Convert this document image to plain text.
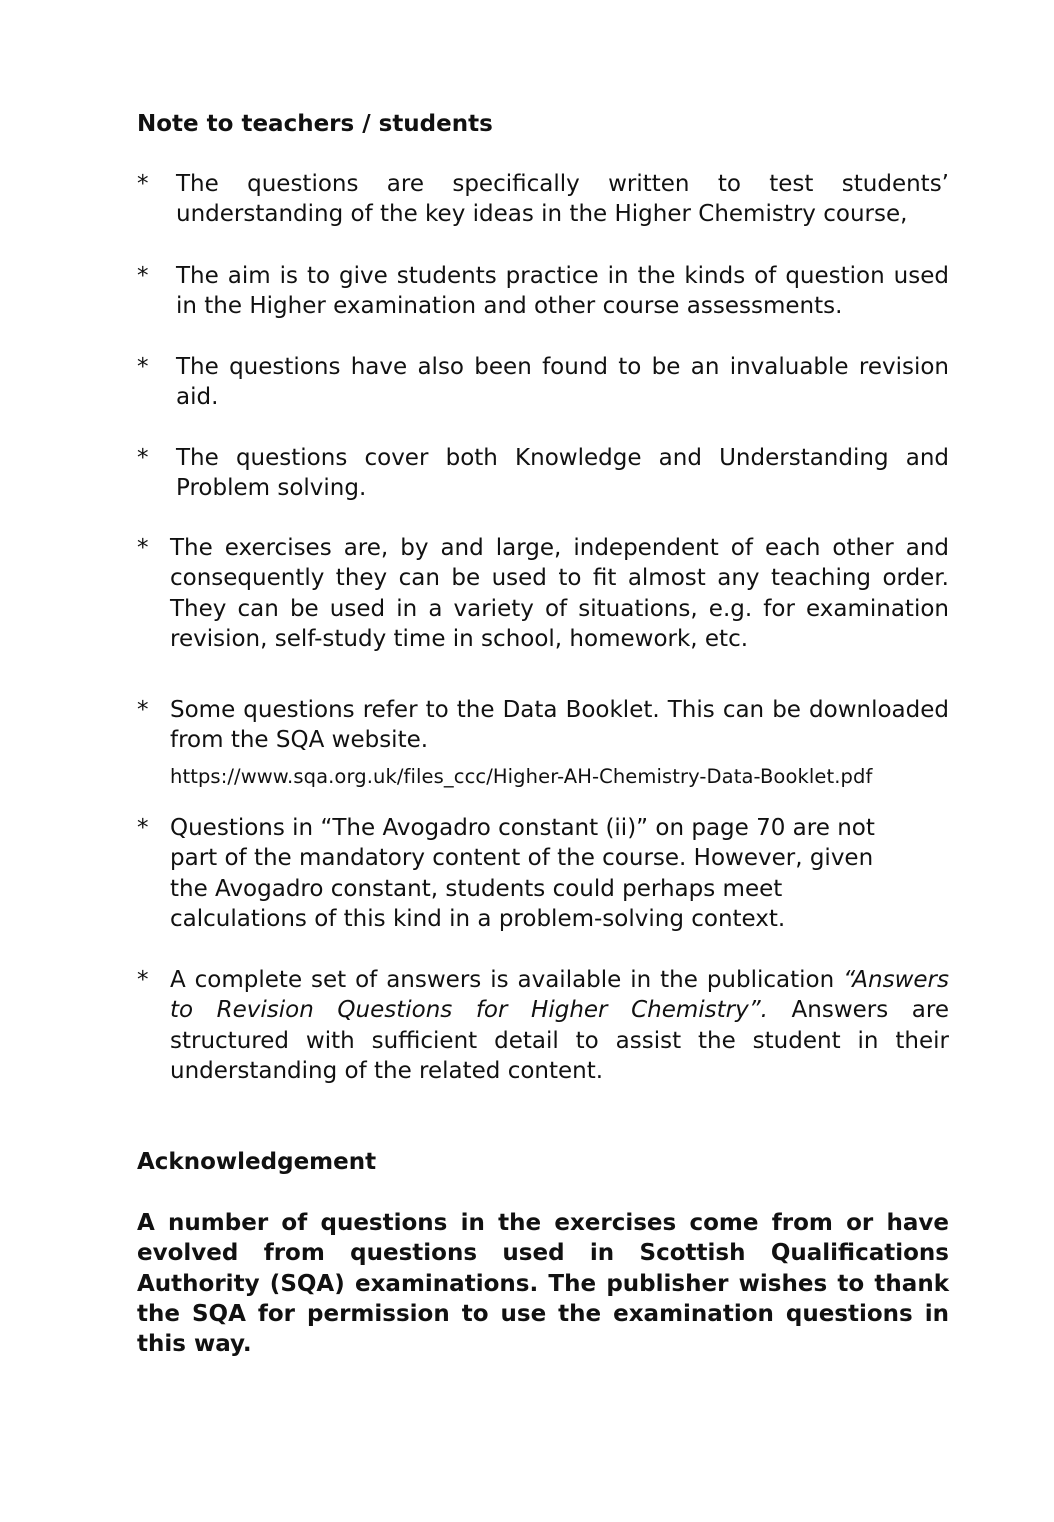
Note to teachers / students
*	The questions are specifically written to test students’ understanding of the key ideas in the Higher Chemistry course,
*	The aim is to give students practice in the kinds of question used in the Higher examination and other course assessments.
*	The questions have also been found to be an invaluable revision aid.
*	The questions cover both Knowledge and Understanding and Problem solving.
* The exercises are, by and large, independent of each other and consequently they can be used to fit almost any teaching order. They can be used in a variety of situations, e.g. for examination revision, self-study time in school, homework, etc.
* Some questions refer to the Data Booklet. This can be downloaded from the SQA website.
https://www.sqa.org.uk/files_ccc/Higher-AH-Chemistry-Data-Booklet.pdf
* Questions in “The Avogadro constant (ii)” on page 70 are not part of the mandatory content of the course. However, given the Avogadro constant, students could perhaps meet calculations of this kind in a problem-solving context.
* A complete set of answers is available in the publication “Answers to Revision Questions for Higher Chemistry”. Answers are structured with sufficient detail to assist the student in their understanding of the related content.
Acknowledgement

A number of questions in the exercises come from or have evolved from questions used in Scottish Qualifications Authority (SQA) examinations. The publisher wishes to thank the SQA for permission to use the examination questions in this way.
